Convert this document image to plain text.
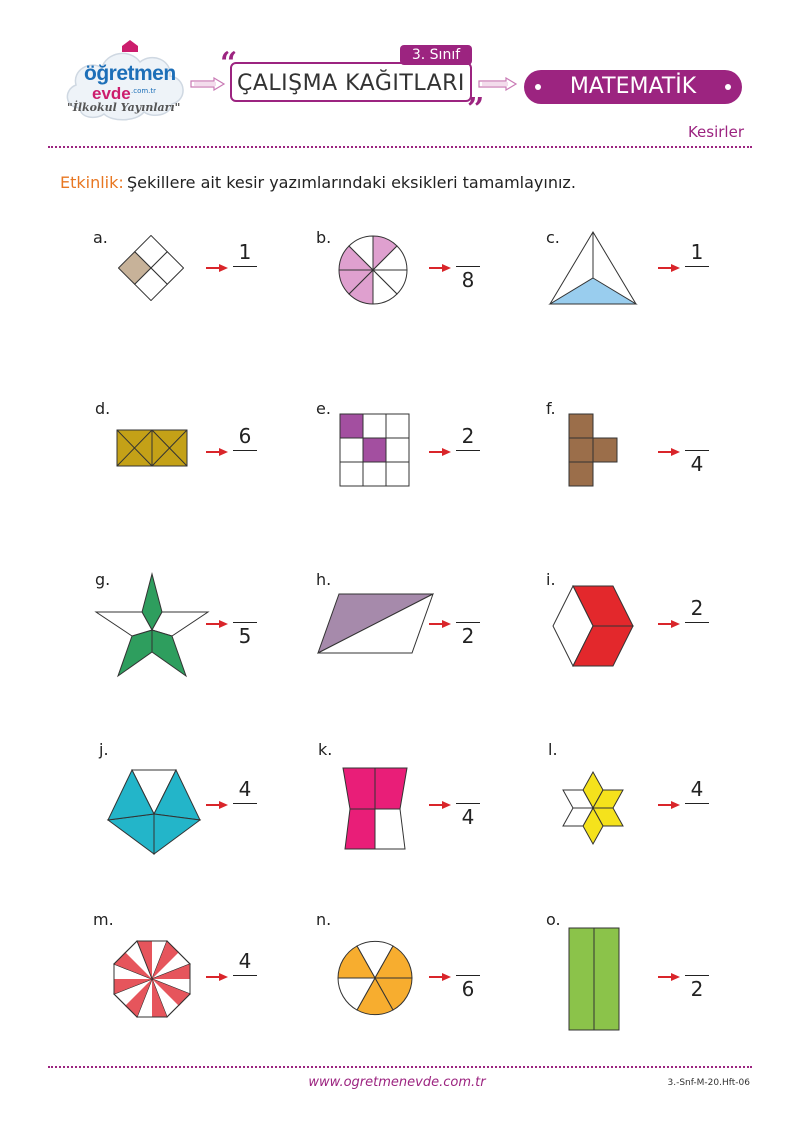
öğretmen
evde .com.tr
"İlkokul Yayınları"
“	3. Sınıf
ÇALIŞMA KAĞITLARI
”
MATEMATİK
Kesirler
Etkinlik: Şekillere ait kesir yazımlarındaki eksikleri tamamlayınız.
a.	b.	c.
d.	e.	f.
g.	h.	i.
j.	k.	l.
m.	n.	o.
1
8
1
6	2
4
5	2
2
4
4
4
4
6	2
www.ogretmenevde.com.tr	3.-Snf-M-20.Hft-06
